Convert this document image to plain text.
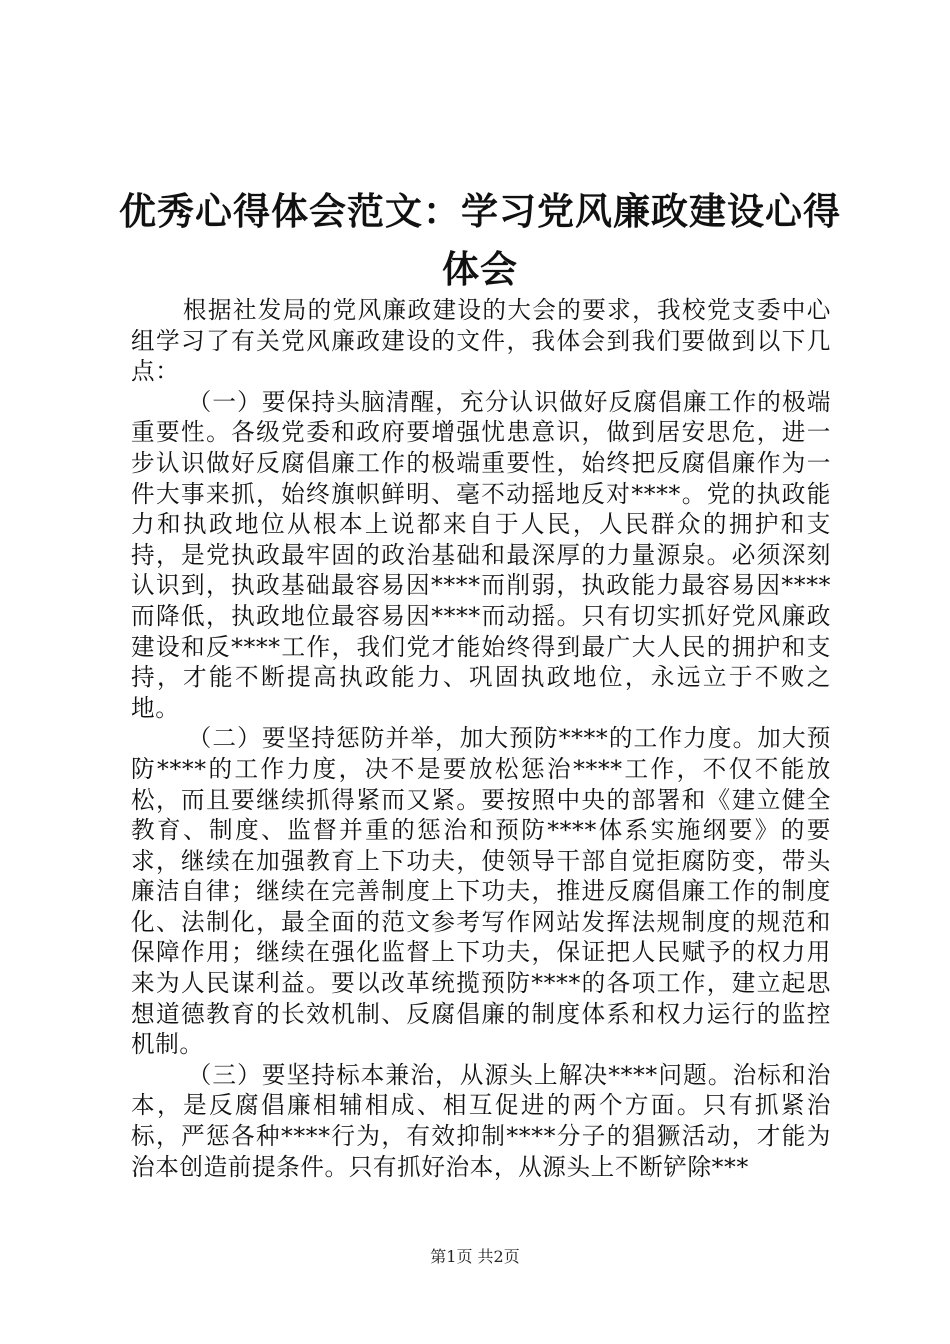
优秀心得体会范文：学习党风廉政建设心得体会

根据社发局的党风廉政建设的大会的要求，我校党支委中心组学习了有关党风廉政建设的文件，我体会到我们要做到以下几点：

（一）要保持头脑清醒，充分认识做好反腐倡廉工作的极端重要性。各级党委和政府要增强忧患意识，做到居安思危，进一步认识做好反腐倡廉工作的极端重要性，始终把反腐倡廉作为一件大事来抓，始终旗帜鲜明、毫不动摇地反对****。党的执政能力和执政地位从根本上说都来自于人民，人民群众的拥护和支持，是党执政最牢固的政治基础和最深厚的力量源泉。必须深刻认识到，执政基础最容易因****而削弱，执政能力最容易因****而降低，执政地位最容易因****而动摇。只有切实抓好党风廉政建设和反****工作，我们党才能始终得到最广大人民的拥护和支持，才能不断提高执政能力、巩固执政地位，永远立于不败之地。

（二）要坚持惩防并举，加大预防****的工作力度。加大预防****的工作力度，决不是要放松惩治****工作，不仅不能放松，而且要继续抓得紧而又紧。要按照中央的部署和《建立健全教育、制度、监督并重的惩治和预防****体系实施纲要》的要求，继续在加强教育上下功夫，使领导干部自觉拒腐防变，带头廉洁自律；继续在完善制度上下功夫，推进反腐倡廉工作的制度化、法制化，最全面的范文参考写作网站发挥法规制度的规范和保障作用；继续在强化监督上下功夫，保证把人民赋予的权力用来为人民谋利益。要以改革统揽预防****的各项工作，建立起思想道德教育的长效机制、反腐倡廉的制度体系和权力运行的监控机制。

（三）要坚持标本兼治，从源头上解决****问题。治标和治本，是反腐倡廉相辅相成、相互促进的两个方面。只有抓紧治标，严惩各种****行为，有效抑制****分子的猖獗活动，才能为治本创造前提条件。只有抓好治本，从源头上不断铲除***

第1页 共2页
